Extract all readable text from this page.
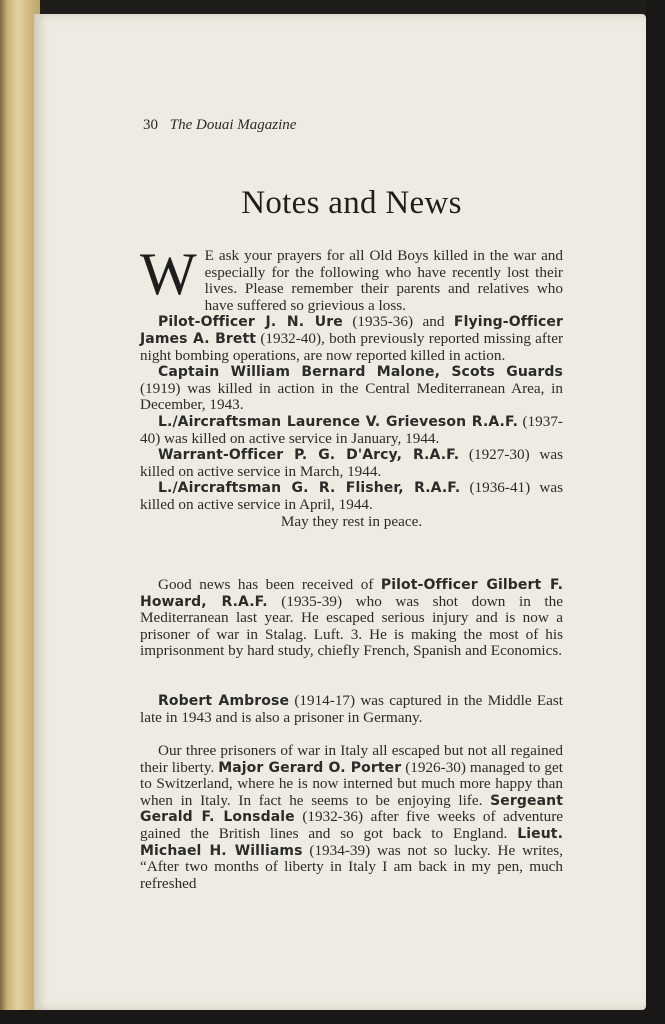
30 The Douai Magazine
Notes and News

W E ask your prayers for all Old Boys killed in the war and especially for the following who have recently lost their lives. Please remember their parents and relatives who have suffered so grievious a loss.

Pilot-Officer J. N. Ure (1935-36) and Flying-Officer James A. Brett (1932-40), both previously reported missing after night bombing operations, are now reported killed in action.

Captain William Bernard Malone, Scots Guards (1919) was killed in action in the Central Mediterranean Area, in December, 1943.

L./Aircraftsman Laurence V. Grieveson R.A.F. (1937-40) was killed on active service in January, 1944.

Warrant-Officer P. G. D'Arcy, R.A.F. (1927-30) was killed on active service in March, 1944.

L./Aircraftsman G. R. Flisher, R.A.F. (1936-41) was killed on active service in April, 1944.

May they rest in peace.

Good news has been received of Pilot-Officer Gilbert F. Howard, R.A.F. (1935-39) who was shot down in the Mediterranean last year. He escaped serious injury and is now a prisoner of war in Stalag. Luft. 3. He is making the most of his imprisonment by hard study, chiefly French, Spanish and Economics.

Robert Ambrose (1914-17) was captured in the Middle East late in 1943 and is also a prisoner in Germany.

Our three prisoners of war in Italy all escaped but not all regained their liberty. Major Gerard O. Porter (1926-30) managed to get to Switzerland, where he is now interned but much more happy than when in Italy. In fact he seems to be enjoying life. Sergeant Gerald F. Lonsdale (1932-36) after five weeks of adventure gained the British lines and so got back to England. Lieut. Michael H. Williams (1934-39) was not so lucky. He writes, “After two months of liberty in Italy I am back in my pen, much refreshed
